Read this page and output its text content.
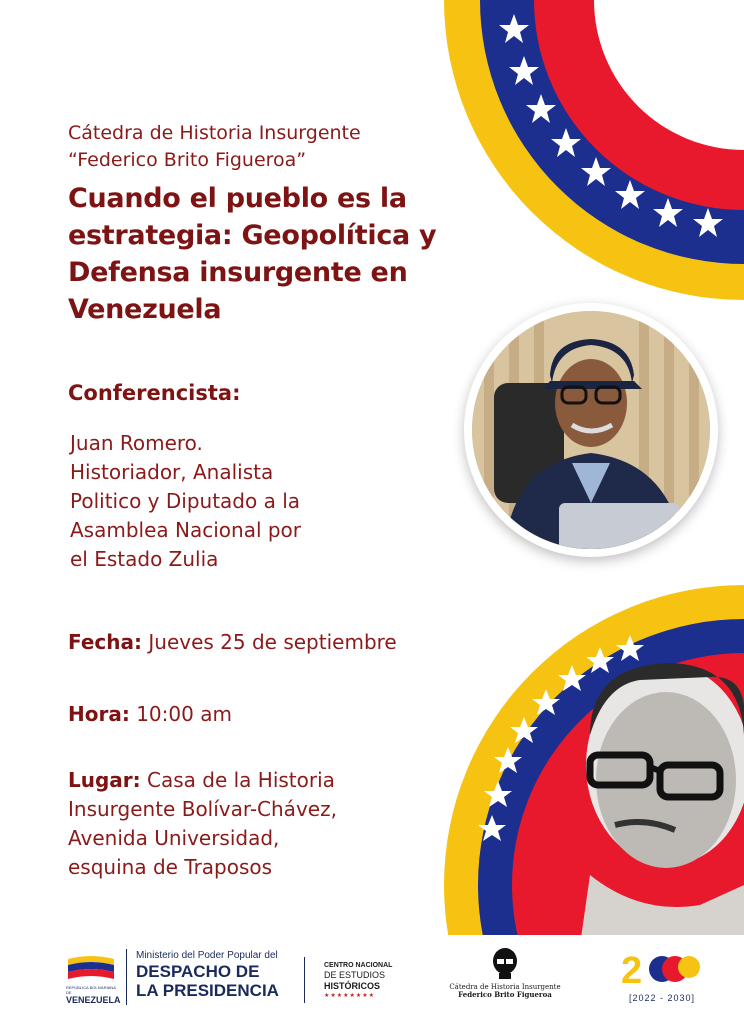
Cátedra de Historia Insurgente
“Federico Brito Figueroa”
Cuando el pueblo es la
estrategia: Geopolítica y
Defensa insurgente en
Venezuela
Conferencista:
Juan Romero.
Historiador, Analista
Politico y Diputado a la
Asamblea Nacional por
el Estado Zulia
Fecha: Jueves 25 de septiembre
Hora: 10:00 am
Lugar: Casa de la Historia
Insurgente Bolívar-Chávez,
Avenida Universidad,
esquina de Traposos
REPÚBLICA BOLIVARIANA DE
VENEZUELA
Ministerio del Poder Popular del
DESPACHO DE
LA PRESIDENCIA
CENTRO NACIONAL
DE ESTUDIOS
HISTÓRICOS
★★★★★★★★
Cátedra de Historia Insurgente
Federico Brito Figueroa
2
[2022 - 2030]
